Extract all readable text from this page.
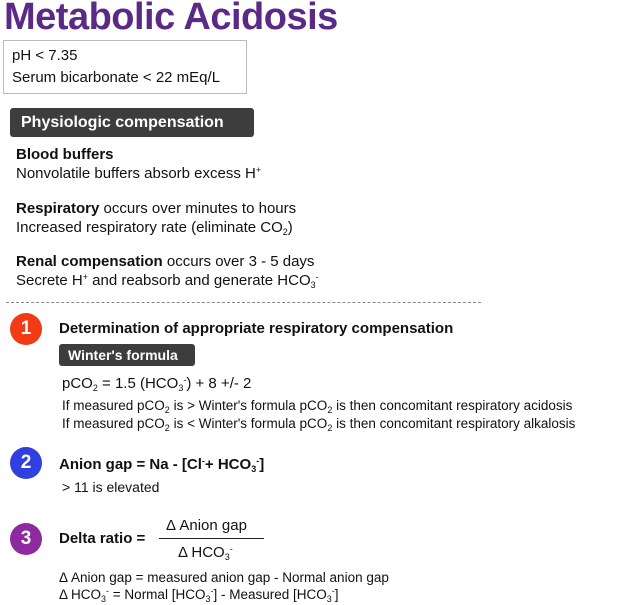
Metabolic Acidosis
pH < 7.35
Serum bicarbonate < 22 mEq/L
Physiologic compensation
Blood buffers
Nonvolatile buffers absorb excess H+
Respiratory occurs over minutes to hours
Increased respiratory rate (eliminate $CO_2$)
Renal compensation occurs over 3 - 5 days
Secrete H+ and reabsorb and generate $HCO_3^-$
1	Determination of appropriate respiratory compensation
Winter's formula
pCO$_2$ = 1.5 $(HCO_3^-) + 8$ +/- 2
If measured pCO$_2$ is > Winter's formula pCO$_2$ is then concomitant respiratory acidosis
If measured pCO$_2$ is < Winter's formula pCO$_2$ is then concomitant respiratory alkalosis
2	Anion gap = $Na - [Cl^-+ HCO_3^-]$
> 11 is elevated
3	Delta ratio =
Δ Anion gap
Δ $HCO_3^-$
Δ Anion gap = measured anion gap - Normal anion gap
Δ $HCO_3^-$ = Normal $[HCO_3^-]$ - Measured $[HCO_3^-]$
